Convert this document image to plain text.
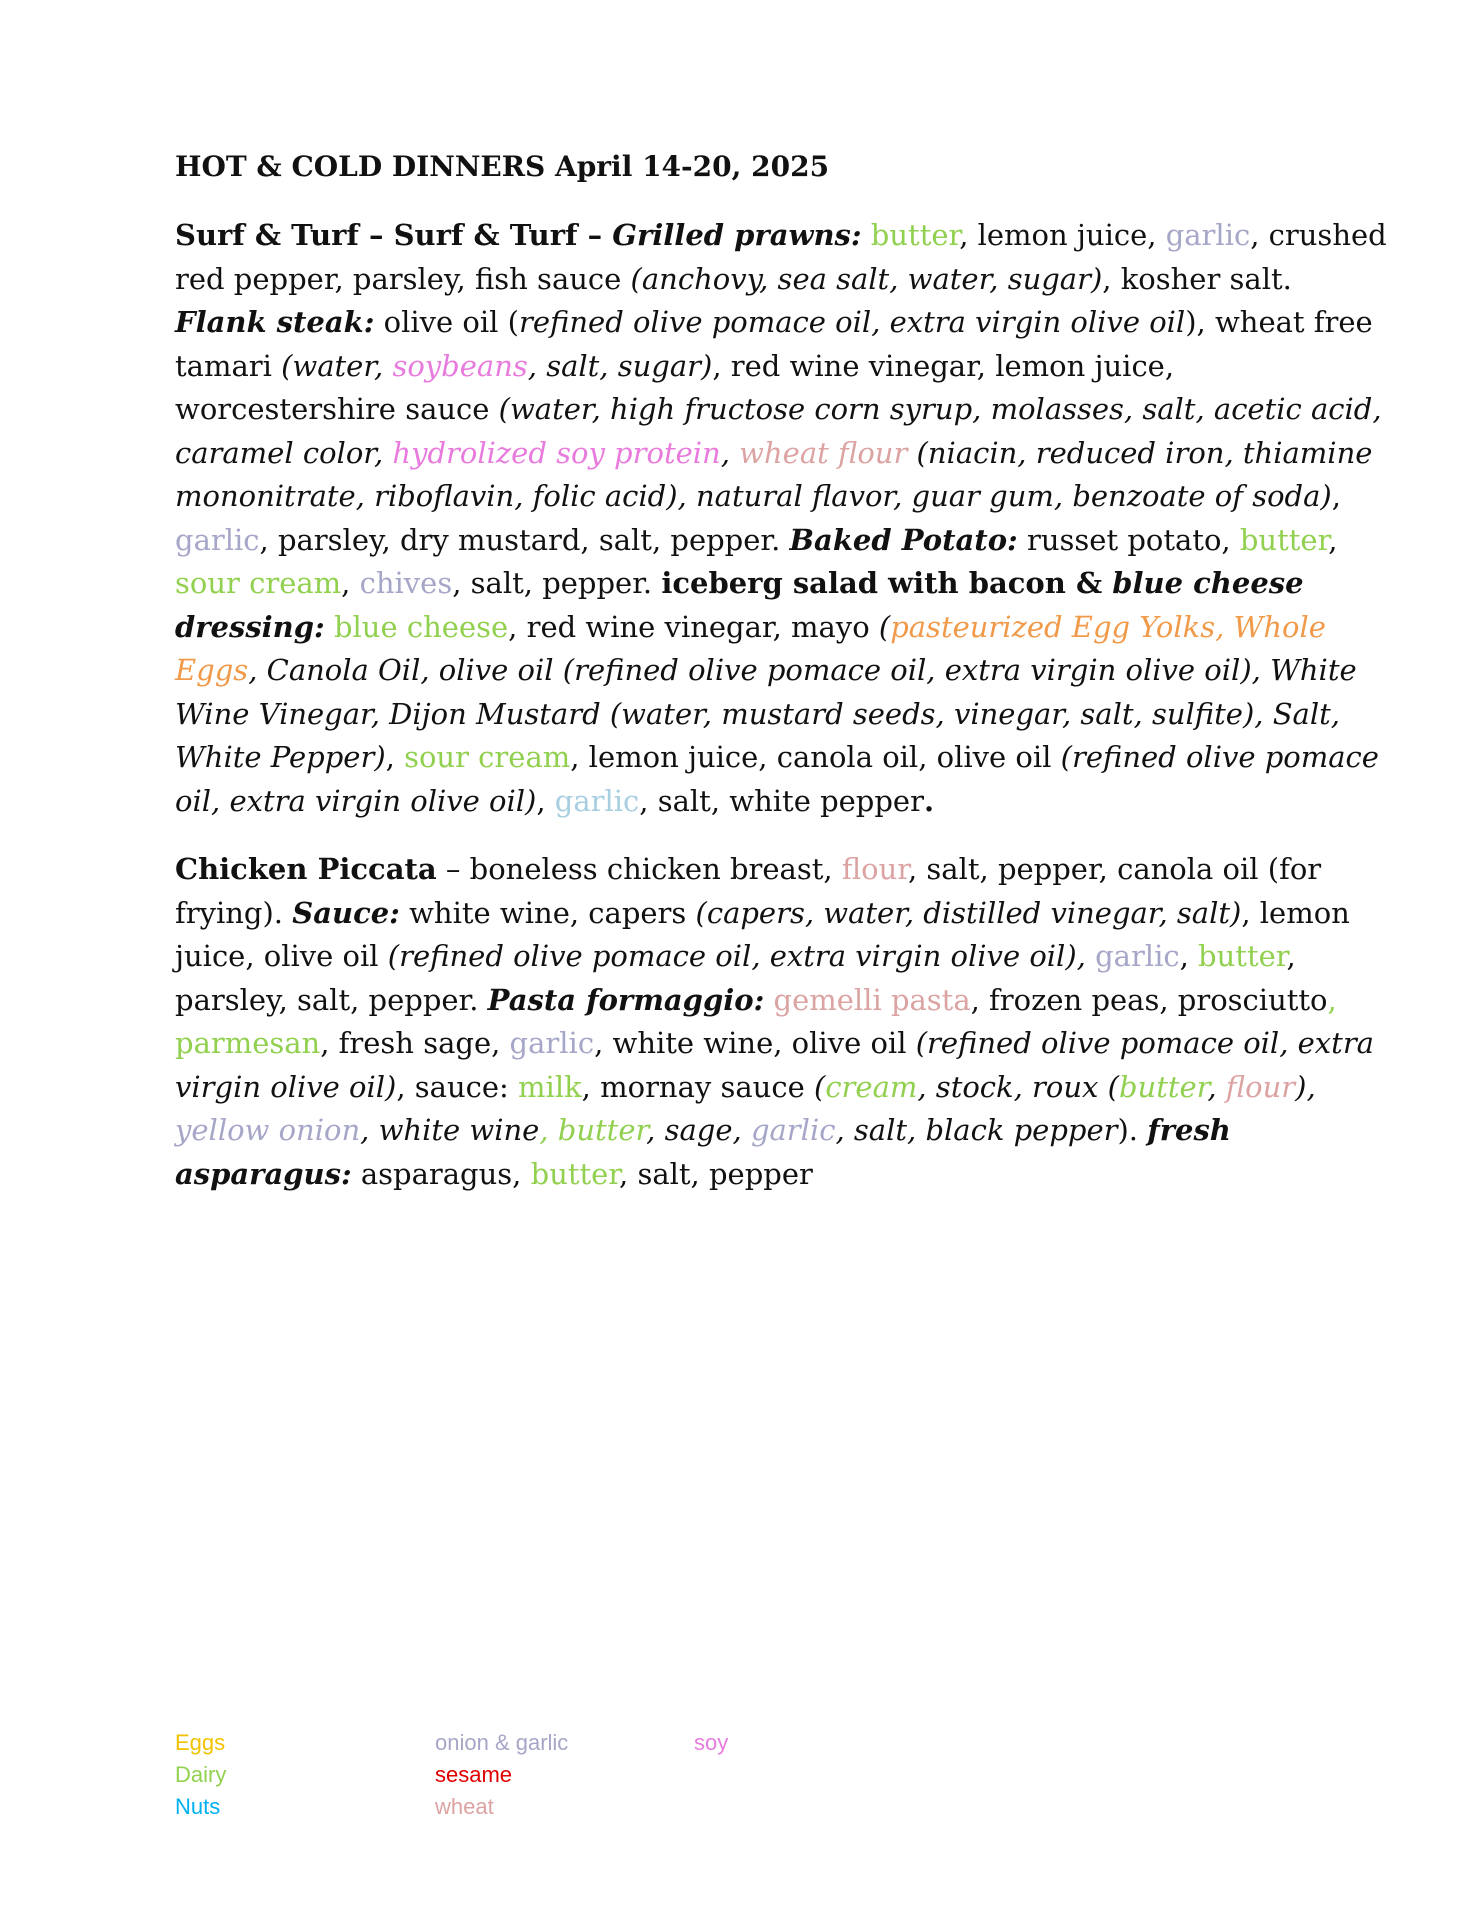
HOT & COLD DINNERS April 14-20, 2025

Surf & Turf – Surf & Turf – Grilled prawns: butter, lemon juice, garlic, crushed red pepper, parsley, fish sauce (anchovy, sea salt, water, sugar), kosher salt. Flank steak: olive oil (refined olive pomace oil, extra virgin olive oil), wheat free tamari (water, soybeans, salt, sugar), red wine vinegar, lemon juice, worcestershire sauce (water, high fructose corn syrup, molasses, salt, acetic acid, caramel color, hydrolized soy protein, wheat flour (niacin, reduced iron, thiamine mononitrate, riboflavin, folic acid), natural flavor, guar gum, benzoate of soda), garlic, parsley, dry mustard, salt, pepper. Baked Potato: russet potato, butter, sour cream, chives, salt, pepper. iceberg salad with bacon & blue cheese dressing: blue cheese, red wine vinegar, mayo (pasteurized Egg Yolks, Whole Eggs, Canola Oil, olive oil (refined olive pomace oil, extra virgin olive oil), White Wine Vinegar, Dijon Mustard (water, mustard seeds, vinegar, salt, sulfite), Salt, White Pepper), sour cream, lemon juice, canola oil, olive oil (refined olive pomace oil, extra virgin olive oil), garlic, salt, white pepper.

Chicken Piccata – boneless chicken breast, flour, salt, pepper, canola oil (for frying). Sauce: white wine, capers (capers, water, distilled vinegar, salt), lemon juice, olive oil (refined olive pomace oil, extra virgin olive oil), garlic, butter, parsley, salt, pepper. Pasta formaggio: gemelli pasta, frozen peas, prosciutto, parmesan, fresh sage, garlic, white wine, olive oil (refined olive pomace oil, extra virgin olive oil), sauce: milk, mornay sauce (cream, stock, roux (butter, flour), yellow onion, white wine, butter, sage, garlic, salt, black pepper). fresh asparagus: asparagus, butter, salt, pepper

Eggs
Dairy
Nuts
onion & garlic
sesame
wheat
soy
